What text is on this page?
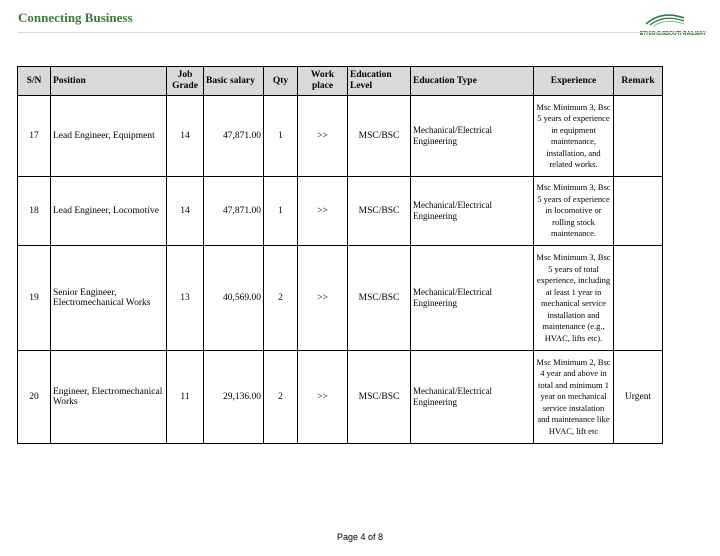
Connecting Business
ETHIO-DJIBOUTI RAILWAY
S/N	Position	Job Grade	Basic salary	Qty	Work place	Education Level	Education Type	Experience	Remark
17	Lead Engineer, Equipment	14	47,871.00	1	>>	MSC/BSC	Mechanical/Electrical Engineering	Msc Minimum 3, Bsc 5 years of experience in equipment maintenance, installation, and related works.	
18	Lead Engineer, Locomotive	14	47,871.00	1	>>	MSC/BSC	Mechanical/Electrical Engineering	Msc Minimum 3, Bsc 5 years of experience in locomotive or rolling stock maintenance.	
19	Senior Engineer, Electromechanical Works	13	40,569.00	2	>>	MSC/BSC	Mechanical/Electrical Engineering	Msc Minimum 3, Bsc 5 years of total experience, including at least 1 year in mechanical service installation and maintenance (e.g., HVAC, lifts etc).	
20	Engineer, Electromechanical Works	11	29,136.00	2	>>	MSC/BSC	Mechanical/Electrical Engineering	Msc Minimum 2, Bsc 4 year and above in total and minimum 1 year on mechanical service instalation and maintenance like HVAC, lift etc	Urgent
Page 4 of 8
